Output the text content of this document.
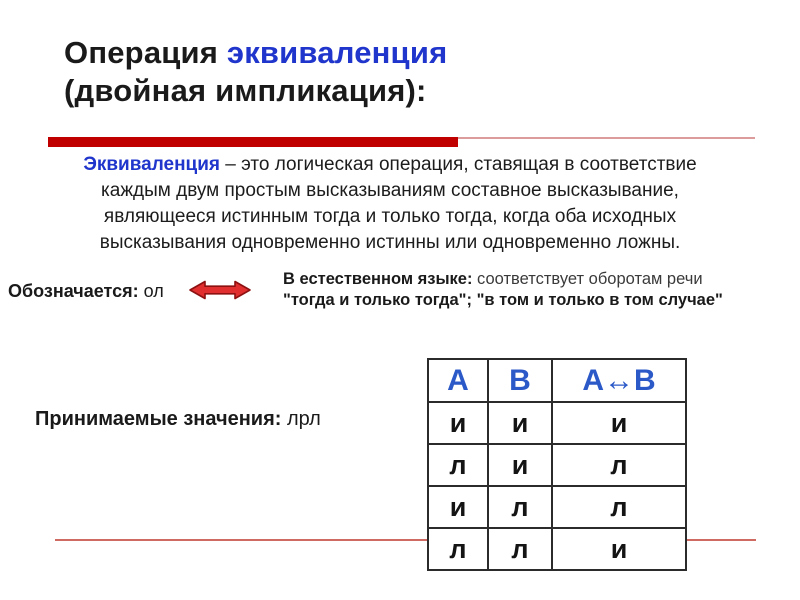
Операция эквиваленция
(двойная импликация):
Эквиваленция – это логическая операция, ставящая в соответствие
каждым двум простым высказываниям составное высказывание,
являющееся истинным тогда и только тогда, когда оба исходных
высказывания одновременно истинны или одновременно ложны.
Обозначается: ол
В естественном языке: соответствует оборотам речи
"тогда и только тогда"; "в том и только в том случае"
Принимаемые значения: лрл
A	B	A↔B
и	и	и
л	и	л
и	л	л
л	л	и
